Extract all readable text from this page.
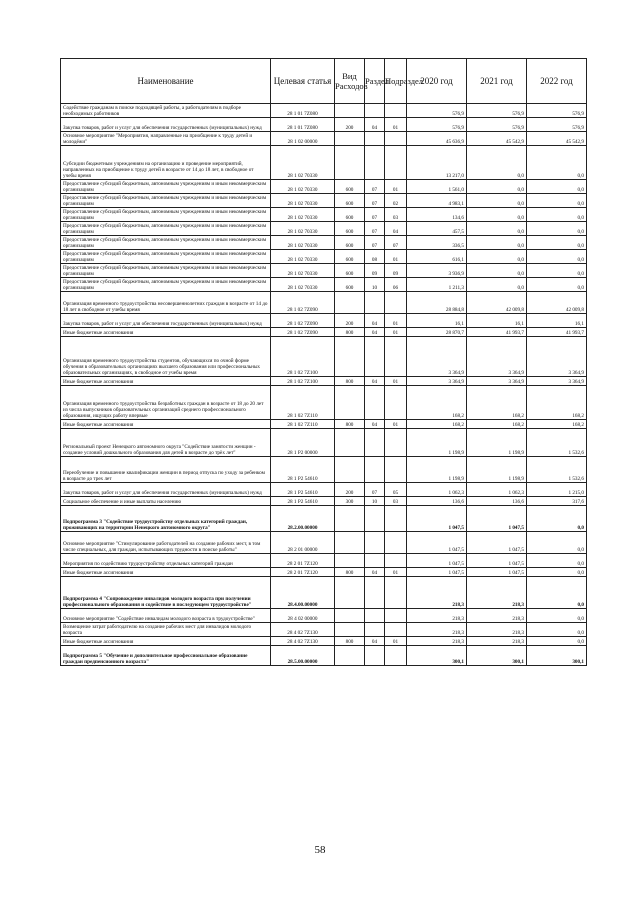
Наименование	Целевая статья	Вид Расходов	Раздел	Подраздел	2020 год	2021 год	2022 год
Содействие гражданам в поиске подходящей работы, а работодателям в подборе необходимых работников	28 1 01 7Z080				576,9	576,9	576,9
Закупка товаров, работ и услуг для обеспечения государственных (муниципальных) нужд	28 1 01 7Z080	200	04	01	576,9	576,9	576,9
Основное мероприятие "Мероприятия, направленные на приобщение к труду детей и молодёжи"	28 1 02 00000				45 636,9	45 542,9	45 542,9
Субсидии бюджетным учреждениям на организацию и проведение мероприятий, направленных на приобщение к труду детей в возрасте от 14 до 18 лет, в свободное от учебы время	28 1 02 70330				13 217,0	0,0	0,0
Предоставление субсидий бюджетным, автономным учреждениям и иным некоммерческим организациям	28 1 02 70330	600	07	01	1 561,0	0,0	0,0
Предоставление субсидий бюджетным, автономным учреждениям и иным некоммерческим организациям	28 1 02 70330	600	07	02	4 983,1	0,0	0,0
Предоставление субсидий бюджетным, автономным учреждениям и иным некоммерческим организациям	28 1 02 70330	600	07	03	134,6	0,0	0,0
Предоставление субсидий бюджетным, автономным учреждениям и иным некоммерческим организациям	28 1 02 70330	600	07	04	457,5	0,0	0,0
Предоставление субсидий бюджетным, автономным учреждениям и иным некоммерческим организациям	28 1 02 70330	600	07	07	336,5	0,0	0,0
Предоставление субсидий бюджетным, автономным учреждениям и иным некоммерческим организациям	28 1 02 70330	600	08	01	616,1	0,0	0,0
Предоставление субсидий бюджетным, автономным учреждениям и иным некоммерческим организациям	28 1 02 70330	600	09	09	3 936,9	0,0	0,0
Предоставление субсидий бюджетным, автономным учреждениям и иным некоммерческим организациям	28 1 02 70330	600	10	06	1 211,3	0,0	0,0
Организация временного трудоустройства несовершеннолетних граждан в возрасте от 14 до 18 лет в свободное от учебы время	28 1 02 7Z090				28 884,8	42 009,8	42 009,8
Закупка товаров, работ и услуг для обеспечения государственных (муниципальных) нужд	28 1 02 7Z090	200	04	01	16,1	16,1	16,1
Иные бюджетные ассигнования	28 1 02 7Z090	800	04	01	28 870,7	41 993,7	41 993,7
Организация временного трудоустройства студентов, обучающихся по очной форме обучения в образовательных организациях высшего образования или профессиональных образовательных организациях, в свободное от учебы время	28 1 02 7Z100				3 364,9	3 364,9	3 364,9
Иные бюджетные ассигнования	28 1 02 7Z100	800	04	01	3 364,9	3 364,9	3 364,9
Организация временного трудоустройства безработных граждан в возрасте от 18 до 20 лет из числа выпускников образовательных организаций среднего профессионального образования, ищущих работу впервые	28 1 02 7Z110				168,2	168,2	168,2
Иные бюджетные ассигнования	28 1 02 7Z110	800	04	01	168,2	168,2	168,2
Региональный проект Ненецкого автономного округа "Содействие занятости женщин - создание условий дошкольного образования для детей в возрасте до трёх лет"	28 1 P2 00000				1 198,9	1 198,9	1 532,6
Переобучение и повышение квалификации женщин в период отпуска по уходу за ребенком в возрасте до трех лет	28 1 P2 54610				1 198,9	1 198,9	1 532,6
Закупка товаров, работ и услуг для обеспечения государственных (муниципальных) нужд	28 1 P2 54610	200	07	05	1 062,3	1 062,3	1 215,0
Социальное обеспечение и иные выплаты населению	28 1 P2 54610	300	10	03	136,6	136,6	317,6
Подпрограмма 3 "Содействие трудоустройству отдельных категорий граждан, проживающих на территории Ненецкого автономного округа"	28.2.00.00000				1 047,5	1 047,5	0,0
Основное мероприятие "Стимулирование работодателей на создание рабочих мест, в том числе специальных, для граждан, испытывающих трудности в поиске работы"	28 2 01 00000				1 047,5	1 047,5	0,0
Мероприятия по содействию трудоустройству отдельных категорий граждан	28 2 01 7Z120				1 047,5	1 047,5	0,0
Иные бюджетные ассигнования	28 2 01 7Z120	800	04	01	1 047,5	1 047,5	0,0
Подпрограмма 4 "Сопровождение инвалидов молодого возраста при получении профессионального образования и содействие в последующем трудоустройстве"	28.4.00.00000				218,3	218,3	0,0
Основное мероприятие "Содействие инвалидам молодого возраста в трудоустройстве"	28 4 02 00000				218,3	218,3	0,0
Возмещение затрат работодателю на создание рабочих мест для инвалидов молодого возраста	28 4 02 7Z130				218,3	218,3	0,0
Иные бюджетные ассигнования	28 4 02 7Z130	800	04	01	218,3	218,3	0,0
Подпрограмма 5 "Обучение и дополнительное профессиональное образование граждан предпенсионного возраста"	28.5.00.00000				300,1	300,1	300,1
58
